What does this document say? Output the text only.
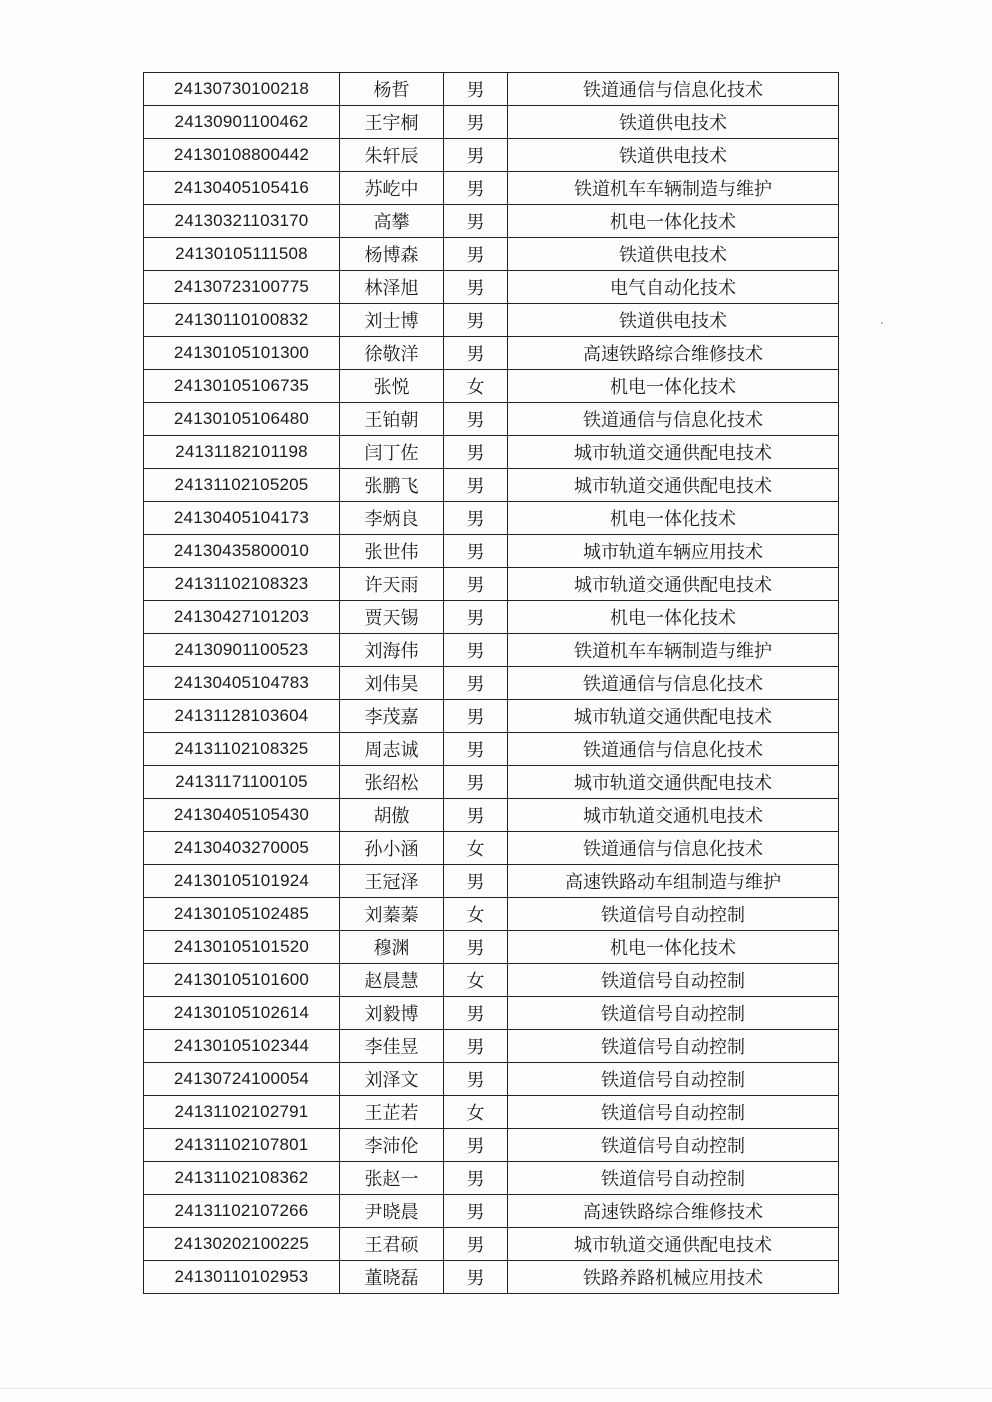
24130730100218	杨哲	男	铁道通信与信息化技术
24130901100462	王宇桐	男	铁道供电技术
24130108800442	朱轩辰	男	铁道供电技术
24130405105416	苏屹中	男	铁道机车车辆制造与维护
24130321103170	高攀	男	机电一体化技术
24130105111508	杨博森	男	铁道供电技术
24130723100775	林泽旭	男	电气自动化技术
24130110100832	刘士博	男	铁道供电技术
24130105101300	徐敬洋	男	高速铁路综合维修技术
24130105106735	张悦	女	机电一体化技术
24130105106480	王铂朝	男	铁道通信与信息化技术
24131182101198	闫丁佐	男	城市轨道交通供配电技术
24131102105205	张鹏飞	男	城市轨道交通供配电技术
24130405104173	李炳良	男	机电一体化技术
24130435800010	张世伟	男	城市轨道车辆应用技术
24131102108323	许天雨	男	城市轨道交通供配电技术
24130427101203	贾天锡	男	机电一体化技术
24130901100523	刘海伟	男	铁道机车车辆制造与维护
24130405104783	刘伟昊	男	铁道通信与信息化技术
24131128103604	李茂嘉	男	城市轨道交通供配电技术
24131102108325	周志诚	男	铁道通信与信息化技术
24131171100105	张绍松	男	城市轨道交通供配电技术
24130405105430	胡傲	男	城市轨道交通机电技术
24130403270005	孙小涵	女	铁道通信与信息化技术
24130105101924	王冠泽	男	高速铁路动车组制造与维护
24130105102485	刘蓁蓁	女	铁道信号自动控制
24130105101520	穆渊	男	机电一体化技术
24130105101600	赵晨慧	女	铁道信号自动控制
24130105102614	刘毅博	男	铁道信号自动控制
24130105102344	李佳昱	男	铁道信号自动控制
24130724100054	刘泽文	男	铁道信号自动控制
24131102102791	王芷若	女	铁道信号自动控制
24131102107801	李沛伦	男	铁道信号自动控制
24131102108362	张赵一	男	铁道信号自动控制
24131102107266	尹晓晨	男	高速铁路综合维修技术
24130202100225	王君硕	男	城市轨道交通供配电技术
24130110102953	董晓磊	男	铁路养路机械应用技术
